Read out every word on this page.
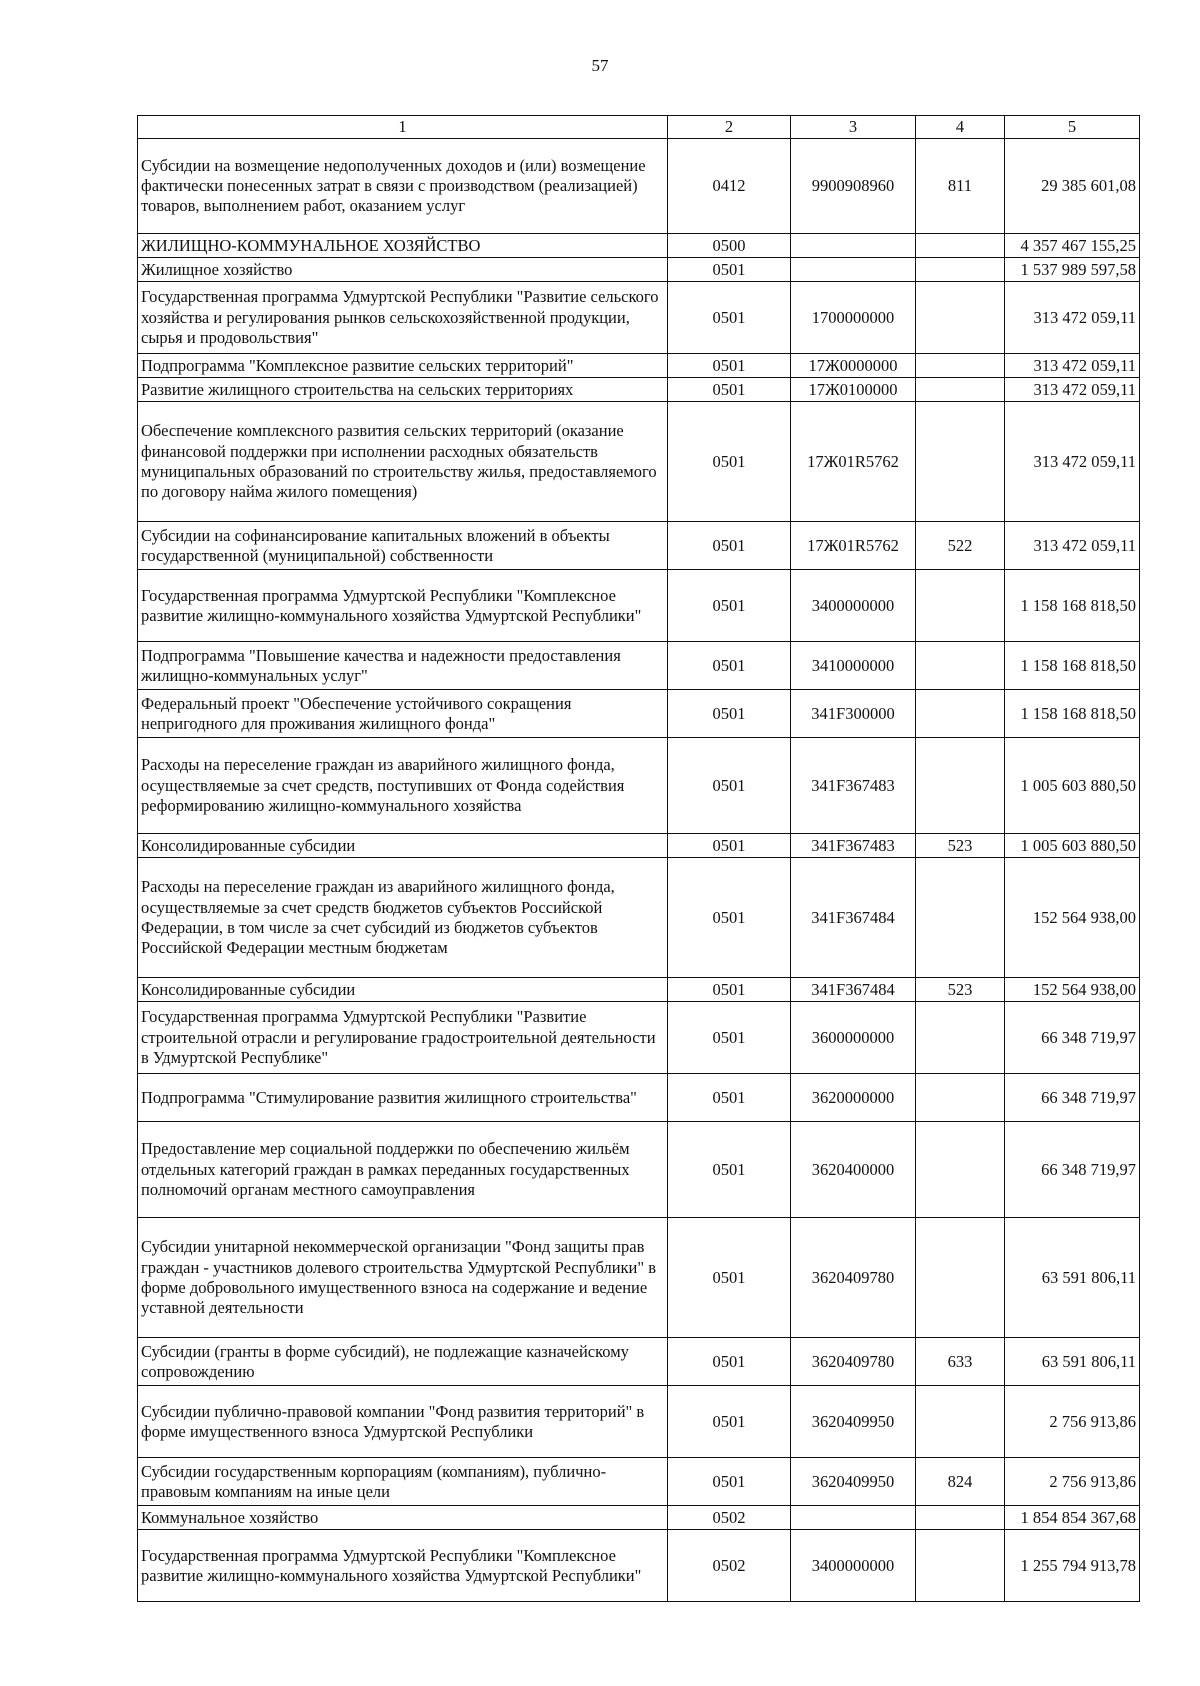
57
1	2	3	4	5
Субсидии на возмещение недополученных доходов и (или) возмещение фактически понесенных затрат в связи с производством (реализацией) товаров, выполнением работ, оказанием услуг	0412	9900908960	811	29 385 601,08
ЖИЛИЩНО-КОММУНАЛЬНОЕ ХОЗЯЙСТВО	0500			4 357 467 155,25
Жилищное хозяйство	0501			1 537 989 597,58
Государственная программа Удмуртской Республики "Развитие сельского хозяйства и регулирования рынков сельскохозяйственной продукции, сырья и продовольствия"	0501	1700000000		313 472 059,11
Подпрограмма "Комплексное развитие сельских территорий"	0501	17Ж0000000		313 472 059,11
Развитие жилищного строительства на сельских территориях	0501	17Ж0100000		313 472 059,11
Обеспечение комплексного развития сельских территорий (оказание финансовой поддержки при исполнении расходных обязательств муниципальных образований по строительству жилья, предоставляемого по договору найма жилого помещения)	0501	17Ж01R5762		313 472 059,11
Субсидии на софинансирование капитальных вложений в объекты государственной (муниципальной) собственности	0501	17Ж01R5762	522	313 472 059,11
Государственная программа Удмуртской Республики "Комплексное развитие жилищно-коммунального хозяйства Удмуртской Республики"	0501	3400000000		1 158 168 818,50
Подпрограмма "Повышение качества и надежности предоставления жилищно-коммунальных услуг"	0501	3410000000		1 158 168 818,50
Федеральный проект "Обеспечение устойчивого сокращения непригодного для проживания жилищного фонда"	0501	341F300000		1 158 168 818,50
Расходы на переселение граждан из аварийного жилищного фонда, осуществляемые за счет средств, поступивших от Фонда содействия реформированию жилищно-коммунального хозяйства	0501	341F367483		1 005 603 880,50
Консолидированные субсидии	0501	341F367483	523	1 005 603 880,50
Расходы на переселение граждан из аварийного жилищного фонда, осуществляемые за счет средств бюджетов субъектов Российской Федерации, в том числе за счет субсидий из бюджетов субъектов Российской Федерации местным бюджетам	0501	341F367484		152 564 938,00
Консолидированные субсидии	0501	341F367484	523	152 564 938,00
Государственная программа Удмуртской Республики "Развитие строительной отрасли и регулирование градостроительной деятельности в Удмуртской Республике"	0501	3600000000		66 348 719,97
Подпрограмма "Стимулирование развития жилищного строительства"	0501	3620000000		66 348 719,97
Предоставление мер социальной поддержки по обеспечению жильём отдельных категорий граждан в рамках переданных государственных полномочий органам местного самоуправления	0501	3620400000		66 348 719,97
Субсидии унитарной некоммерческой организации "Фонд защиты прав граждан - участников долевого строительства Удмуртской Республики" в форме добровольного имущественного взноса на содержание и ведение уставной деятельности	0501	3620409780		63 591 806,11
Субсидии (гранты в форме субсидий), не подлежащие казначейскому сопровождению	0501	3620409780	633	63 591 806,11
Субсидии публично-правовой компании "Фонд развития территорий" в форме имущественного взноса Удмуртской Республики	0501	3620409950		2 756 913,86
Субсидии государственным корпорациям (компаниям), публично-правовым компаниям на иные цели	0501	3620409950	824	2 756 913,86
Коммунальное хозяйство	0502			1 854 854 367,68
Государственная программа Удмуртской Республики "Комплексное развитие жилищно-коммунального хозяйства Удмуртской Республики"	0502	3400000000		1 255 794 913,78
